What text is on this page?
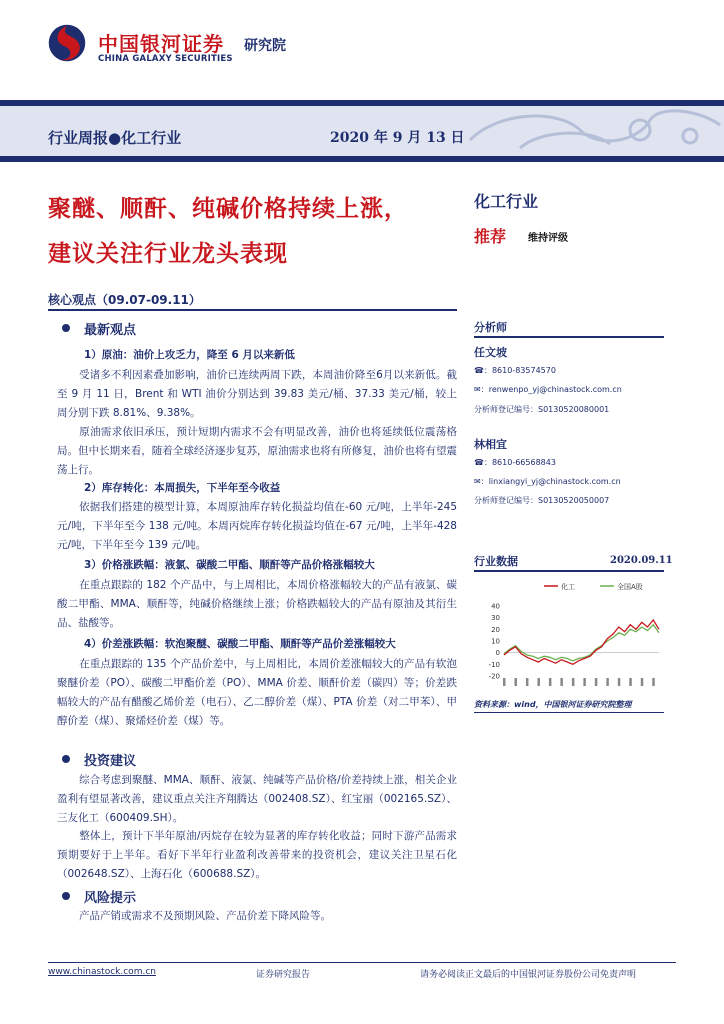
中国银河证券
CHINA GALAXY SECURITIES
研究院
行业周报●化工行业	2020 年 9 月 13 日
聚醚、顺酐、纯碱价格持续上涨，
建议关注行业龙头表现
化工行业
推荐 维持评级
核心观点（09.07-09.11）
最新观点
1）原油：油价上攻乏力，降至 6 月以来新低
受诸多不利因素叠加影响，油价已连续两周下跌，本周油价降至6月以来新低。截至 9 月 11 日，Brent 和 WTI 油价分别达到 39.83 美元/桶、37.33 美元/桶，较上周分别下跌 8.81%、9.38%。
原油需求依旧承压，预计短期内需求不会有明显改善，油价也将延续低位震荡格局。但中长期来看，随着全球经济逐步复苏，原油需求也将有所修复，油价也将有望震荡上行。
2）库存转化：本周损失，下半年至今收益
依据我们搭建的模型计算，本周原油库存转化损益均值在-60 元/吨，上半年-245 元/吨，下半年至今 138 元/吨。本周丙烷库存转化损益均值在-67 元/吨，上半年-428 元/吨，下半年至今 139 元/吨。
3）价格涨跌幅：液氯、碳酸二甲酯、顺酐等产品价格涨幅较大
在重点跟踪的 182 个产品中，与上周相比，本周价格涨幅较大的产品有液氯、碳酸二甲酯、MMA、顺酐等，纯碱价格继续上涨；价格跌幅较大的产品有原油及其衍生品、盐酸等。
4）价差涨跌幅：软泡聚醚、碳酸二甲酯、顺酐等产品价差涨幅较大
在重点跟踪的 135 个产品价差中，与上周相比，本周价差涨幅较大的产品有软泡聚醚价差（PO）、碳酸二甲酯价差（PO）、MMA 价差、顺酐价差（碳四）等；价差跌幅较大的产品有醋酸乙烯价差（电石）、乙二醇价差（煤）、PTA 价差（对二甲苯）、甲醇价差（煤）、聚烯烃价差（煤）等。
投资建议
综合考虑到聚醚、MMA、顺酐、液氯、纯碱等产品价格/价差持续上涨，相关企业盈利有望显著改善，建议重点关注齐翔腾达（002408.SZ）、红宝丽（002165.SZ）、三友化工（600409.SH）。
整体上，预计下半年原油/丙烷存在较为显著的库存转化收益；同时下游产品需求预期要好于上半年。看好下半年行业盈利改善带来的投资机会，建议关注卫星石化（002648.SZ）、上海石化（600688.SZ）。
风险提示
产品产销或需求不及预期风险、产品价差下降风险等。
分析师
任文坡
☎：8610-83574570
✉：renwenpo_yj@chinastock.com.cn
分析师登记编号：S0130520080001
林相宜
☎：8610-66568843
✉：linxiangyi_yj@chinastock.com.cn
分析师登记编号：S0130520050007
行业数据	2020.09.11
化工	全国A股
40
30
20
10
0
-10
-20
资料来源：wind，中国银河证券研究院整理
www.chinastock.com.cn	证券研究报告	请务必阅读正文最后的中国银河证券股份公司免责声明
